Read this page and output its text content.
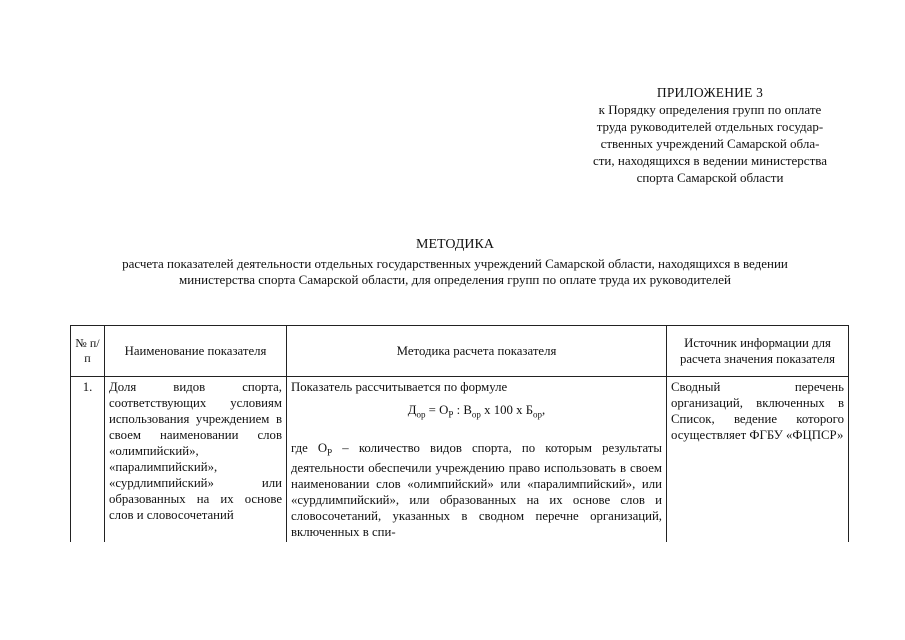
ПРИЛОЖЕНИЕ 3
к Порядку определения групп по оплате
труда руководителей отдельных государ-
ственных учреждений Самарской обла-
сти, находящихся в ведении министерства
спорта Самарской области
МЕТОДИКА
расчета показателей деятельности отдельных государственных учреждений Самарской области, находящихся в ведении
министерства спорта Самарской области, для определения групп по оплате труда их руководителей
№ п/п	Наименование показателя	Методика расчета показателя	Источник информации для расчета значения показателя
1.	Доля видов спорта, соответствующих условиям использования учреждением в своем наименовании слов «олимпийский», «паралимпийский», «сурдлимпийский» или образованных на их основе слов и словосочетаний	Показатель рассчитывается по формуле
$Д_{ор} = О_Р$ : $В_{ор}$ х 100 х $Б_{ор}$,
где $О_Р$ – количество видов спорта, по которым результаты деятельности обеспечили учреждению право использовать в своем наименовании слов «олимпийский» или «паралимпийский», или «сурдлимпийский», или образованных на их основе слов и словосочетаний, указанных в сводном перечне организаций, включенных в спи-	Сводный перечень организаций, включенных в Список, ведение которого осуществляет ФГБУ «ФЦПСР»
